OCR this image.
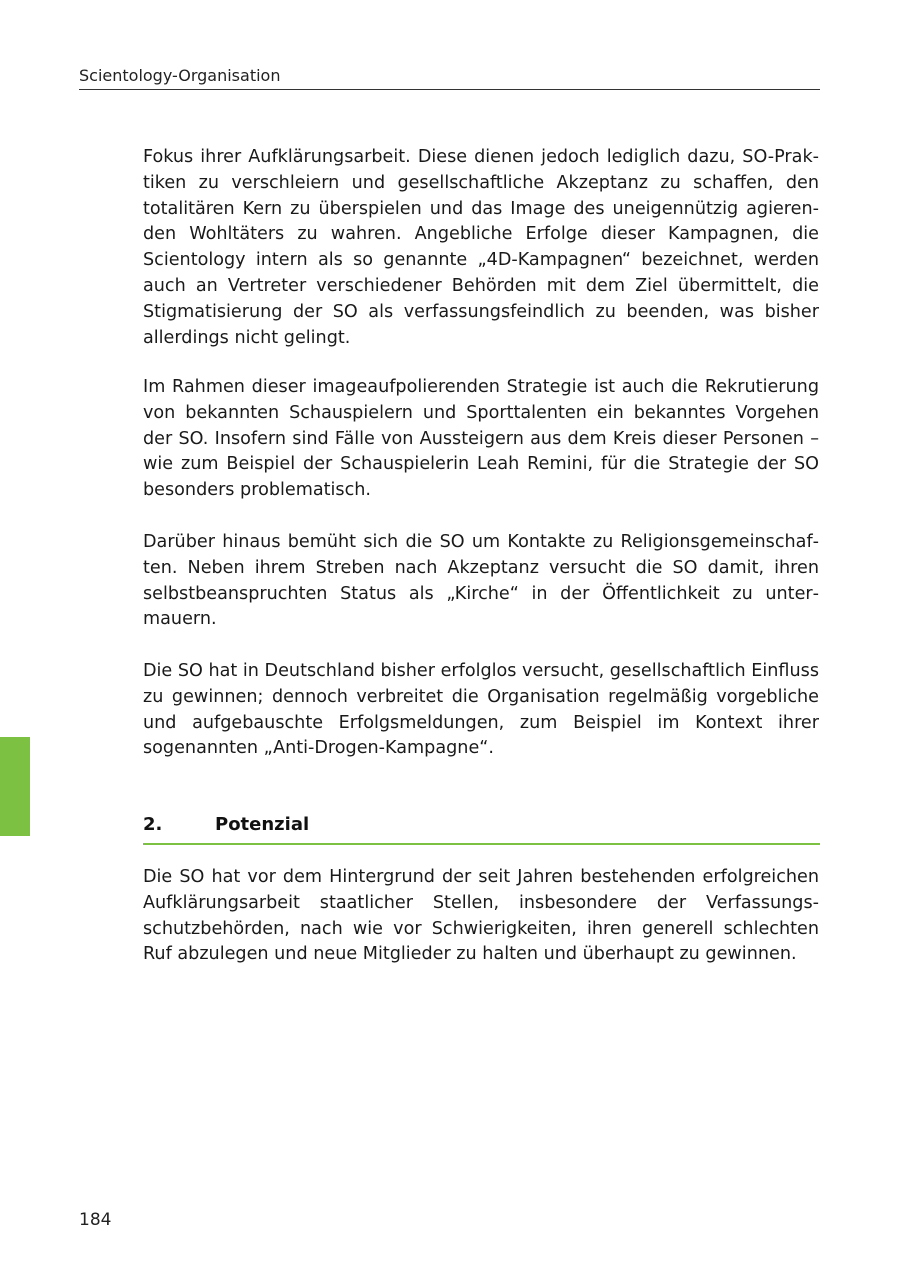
Scientology-Organisation

Fokus ihrer Aufklärungsarbeit. Diese dienen jedoch lediglich dazu, SO-Praktiken zu verschleiern und gesellschaftliche Akzeptanz zu schaffen, den totalitären Kern zu überspielen und das Image des uneigennützig agierenden Wohltäters zu wahren. Angebliche Erfolge dieser Kampagnen, die Scientology intern als so genannte „4D-Kampagnen“ bezeichnet, werden auch an Vertreter verschiedener Behörden mit dem Ziel übermittelt, die Stigmatisierung der SO als verfassungsfeindlich zu beenden, was bisher allerdings nicht gelingt.

Im Rahmen dieser imageaufpolierenden Strategie ist auch die Rekrutierung von bekannten Schauspielern und Sporttalenten ein bekanntes Vorgehen der SO. Insofern sind Fälle von Aussteigern aus dem Kreis dieser Personen – wie zum Beispiel der Schauspielerin Leah Remini, für die Strategie der SO besonders problematisch.

Darüber hinaus bemüht sich die SO um Kontakte zu Religionsgemeinschaften. Neben ihrem Streben nach Akzeptanz versucht die SO damit, ihren selbstbeanspruchten Status als „Kirche“ in der Öffentlichkeit zu untermauern.

Die SO hat in Deutschland bisher erfolglos versucht, gesellschaftlich Einfluss zu gewinnen; dennoch verbreitet die Organisation regelmäßig vorgebliche und aufgebauschte Erfolgsmeldungen, zum Beispiel im Kontext ihrer sogenannten „Anti-Drogen-Kampagne“.

2.	Potenzial

Die SO hat vor dem Hintergrund der seit Jahren bestehenden erfolgreichen Aufklärungsarbeit staatlicher Stellen, insbesondere der Verfassungsschutzbehörden, nach wie vor Schwierigkeiten, ihren generell schlechten Ruf abzulegen und neue Mitglieder zu halten und überhaupt zu gewinnen.

184
